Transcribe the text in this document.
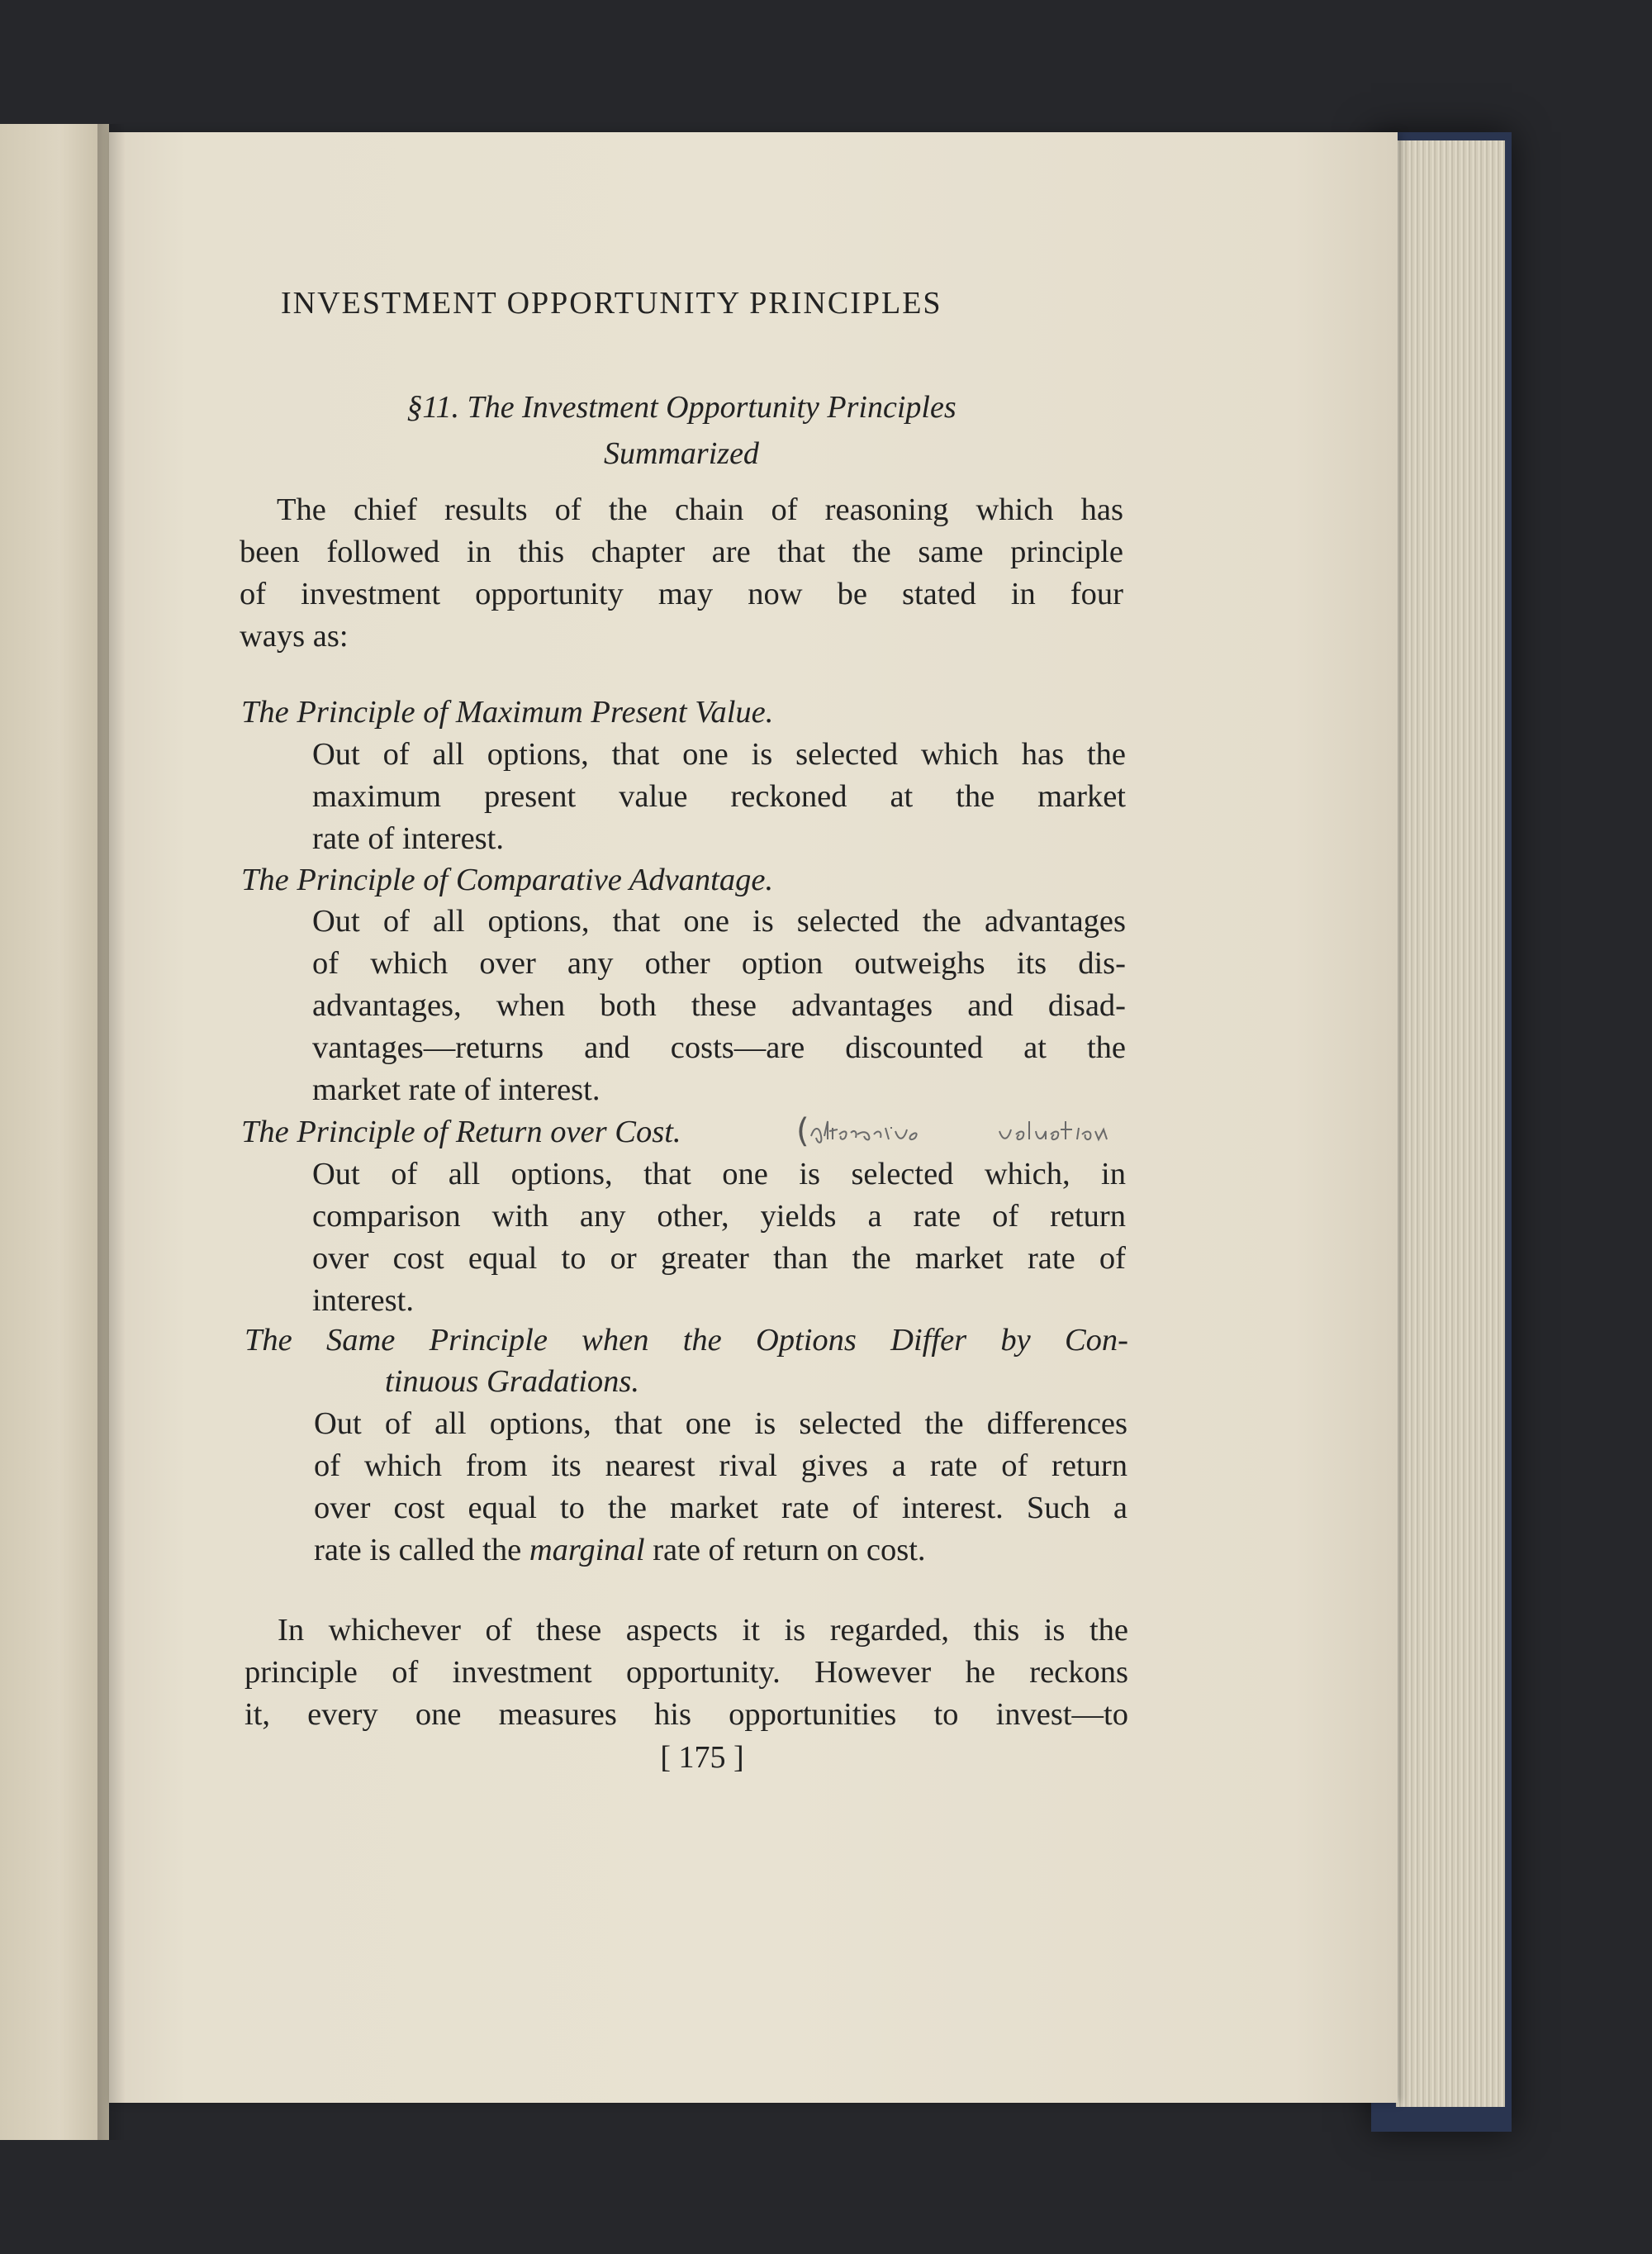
INVESTMENT OPPORTUNITY PRINCIPLES
§11. The Investment Opportunity Principles
Summarized
The chief results of the chain of reasoning which has
been followed in this chapter are that the same principle
of investment opportunity may now be stated in four
ways as:
The Principle of Maximum Present Value.
Out of all options, that one is selected which has the
maximum present value reckoned at the market
rate of interest.
The Principle of Comparative Advantage.
Out of all options, that one is selected the advantages
of which over any other option outweighs its dis-
advantages, when both these advantages and disad-
vantages—returns and costs—are discounted at the
market rate of interest.
The Principle of Return over Cost.	(
Out of all options, that one is selected which, in
comparison with any other, yields a rate of return
over cost equal to or greater than the market rate of
interest.
The Same Principle when the Options Differ by Con-
tinuous Gradations.
Out of all options, that one is selected the differences
of which from its nearest rival gives a rate of return
over cost equal to the market rate of interest. Such a
rate is called the marginal rate of return on cost.
In whichever of these aspects it is regarded, this is the
principle of investment opportunity. However he reckons
it, every one measures his opportunities to invest—to
[ 175 ]
